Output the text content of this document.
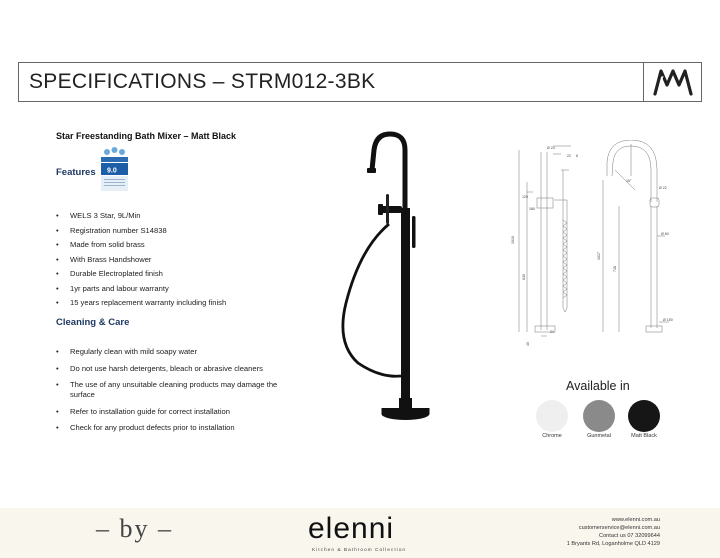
SPECIFICATIONS – STRM012-3BK
Star Freestanding Bath Mixer – Matt Black
Features 9.0
• WELS 3 Star, 9L/Min
• Registration number S14838
• Made from solid brass
• With Brass Handshower
• Durable Electroplated finish
• 1yr parts and labour warranty
• 15 years replacement warranty including finish
Cleaning & Care
• Regularly clean with mild soapy water
• Do not use harsh detergents, bleach or abrasive cleaners
• The use of any unsuitable cleaning products may damage the surface
• Refer to installation guide for correct installation
• Check for any product defects prior to installation
Ø 24
22 6
125
180
1010
630
21
40
Ø 60
1017
748
Ø 150
15°
Ø 22
Available in
Chrome	Gunmetal	Matt Black
– by –	elenni
Kitchen & Bathroom Collection
www.elenni.com.au
customerservice@elenni.com.au
Contact us 07 32099644
1 Bryants Rd, Loganholme QLD 4129
